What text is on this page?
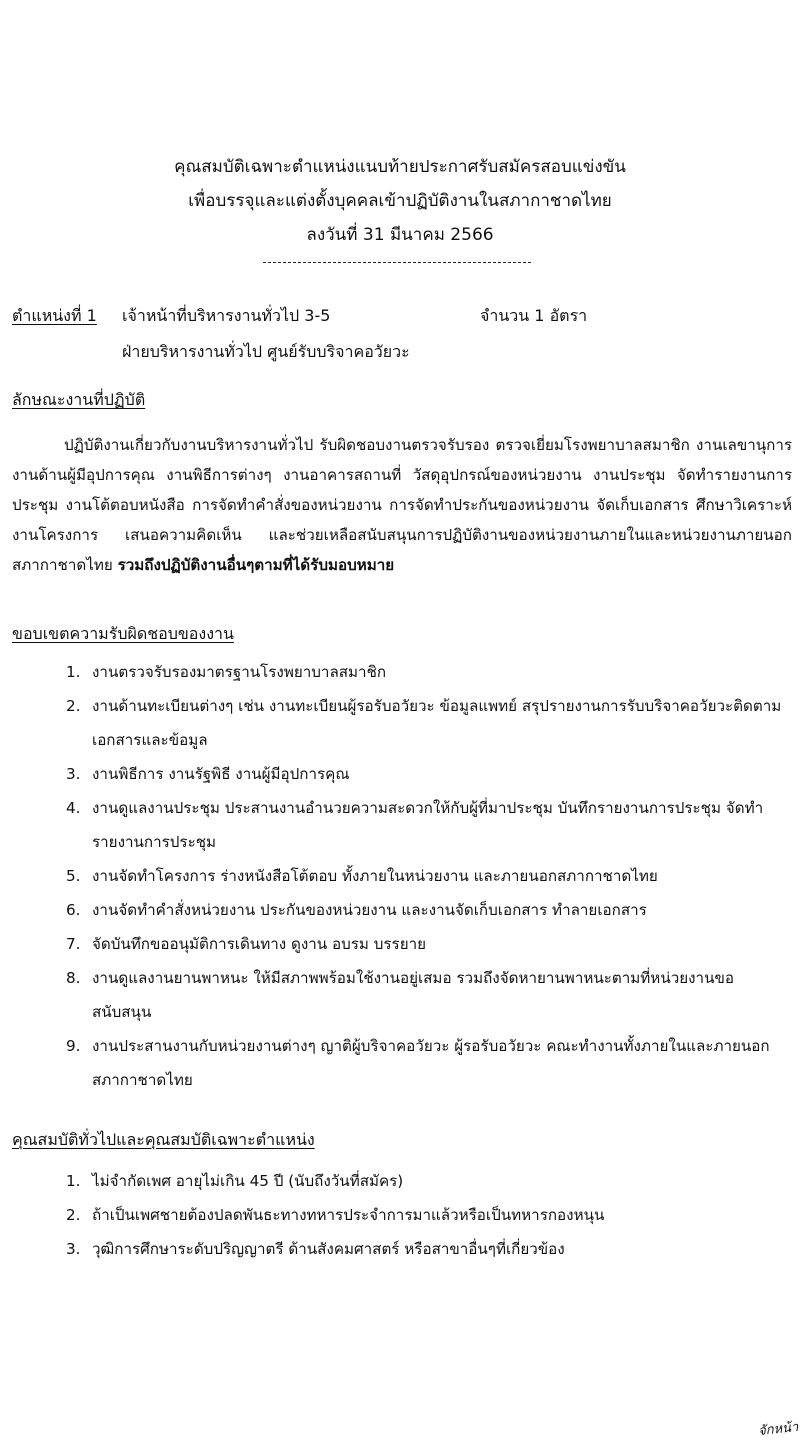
คุณสมบัติเฉพาะตำแหน่งแนบท้ายประกาศรับสมัครสอบแข่งขัน
เพื่อบรรจุและแต่งตั้งบุคคลเข้าปฏิบัติงานในสภากาชาดไทย
ลงวันที่ 31 มีนาคม 2566
ตำแหน่งที่ 1 เจ้าหน้าที่บริหารงานทั่วไป 3-5	จำนวน 1 อัตรา
ฝ่ายบริหารงานทั่วไป ศูนย์รับบริจาคอวัยวะ
ลักษณะงานที่ปฏิบัติ
ปฏิบัติงานเกี่ยวกับงานบริหารงานทั่วไป รับผิดชอบงานตรวจรับรอง ตรวจเยี่ยมโรงพยาบาลสมาชิก งานเลขานุการ งานด้านผู้มีอุปการคุณ งานพิธีการต่างๆ งานอาคารสถานที่ วัสดุอุปกรณ์ของหน่วยงาน งานประชุม จัดทำรายงานการประชุม งานโต้ตอบหนังสือ การจัดทำคำสั่งของหน่วยงาน การจัดทำประกันของหน่วยงาน จัดเก็บเอกสาร ศึกษาวิเคราะห์งานโครงการ เสนอความคิดเห็น และช่วยเหลือสนับสนุนการปฏิบัติงานของหน่วยงานภายในและหน่วยงานภายนอกสภากาชาดไทย รวมถึงปฏิบัติงานอื่นๆตามที่ได้รับมอบหมาย
ขอบเขตความรับผิดชอบของงาน
1. งานตรวจรับรองมาตรฐานโรงพยาบาลสมาชิก
2. งานด้านทะเบียนต่างๆ เช่น งานทะเบียนผู้รอรับอวัยวะ ข้อมูลแพทย์ สรุปรายงานการรับบริจาคอวัยวะติดตามเอกสารและข้อมูล
3. งานพิธีการ งานรัฐพิธี งานผู้มีอุปการคุณ
4. งานดูแลงานประชุม ประสานงานอำนวยความสะดวกให้กับผู้ที่มาประชุม บันทึกรายงานการประชุม จัดทำรายงานการประชุม
5. งานจัดทำโครงการ ร่างหนังสือโต้ตอบ ทั้งภายในหน่วยงาน และภายนอกสภากาชาดไทย
6. งานจัดทำคำสั่งหน่วยงาน ประกันของหน่วยงาน และงานจัดเก็บเอกสาร ทำลายเอกสาร
7. จัดบันทึกขออนุมัติการเดินทาง ดูงาน อบรม บรรยาย
8. งานดูแลงานยานพาหนะ ให้มีสภาพพร้อมใช้งานอยู่เสมอ รวมถึงจัดหายานพาหนะตามที่หน่วยงานขอสนับสนุน
9. งานประสานงานกับหน่วยงานต่างๆ ญาติผู้บริจาคอวัยวะ ผู้รอรับอวัยวะ คณะทำงานทั้งภายในและภายนอกสภากาชาดไทย
คุณสมบัติทั่วไปและคุณสมบัติเฉพาะตำแหน่ง
1. ไม่จำกัดเพศ อายุไม่เกิน 45 ปี (นับถึงวันที่สมัคร)
2. ถ้าเป็นเพศชายต้องปลดพันธะทางทหารประจำการมาแล้วหรือเป็นทหารกองหนุน
3. วุฒิการศึกษาระดับปริญญาตรี ด้านสังคมศาสตร์ หรือสาขาอื่นๆที่เกี่ยวข้อง
จักหน้า
